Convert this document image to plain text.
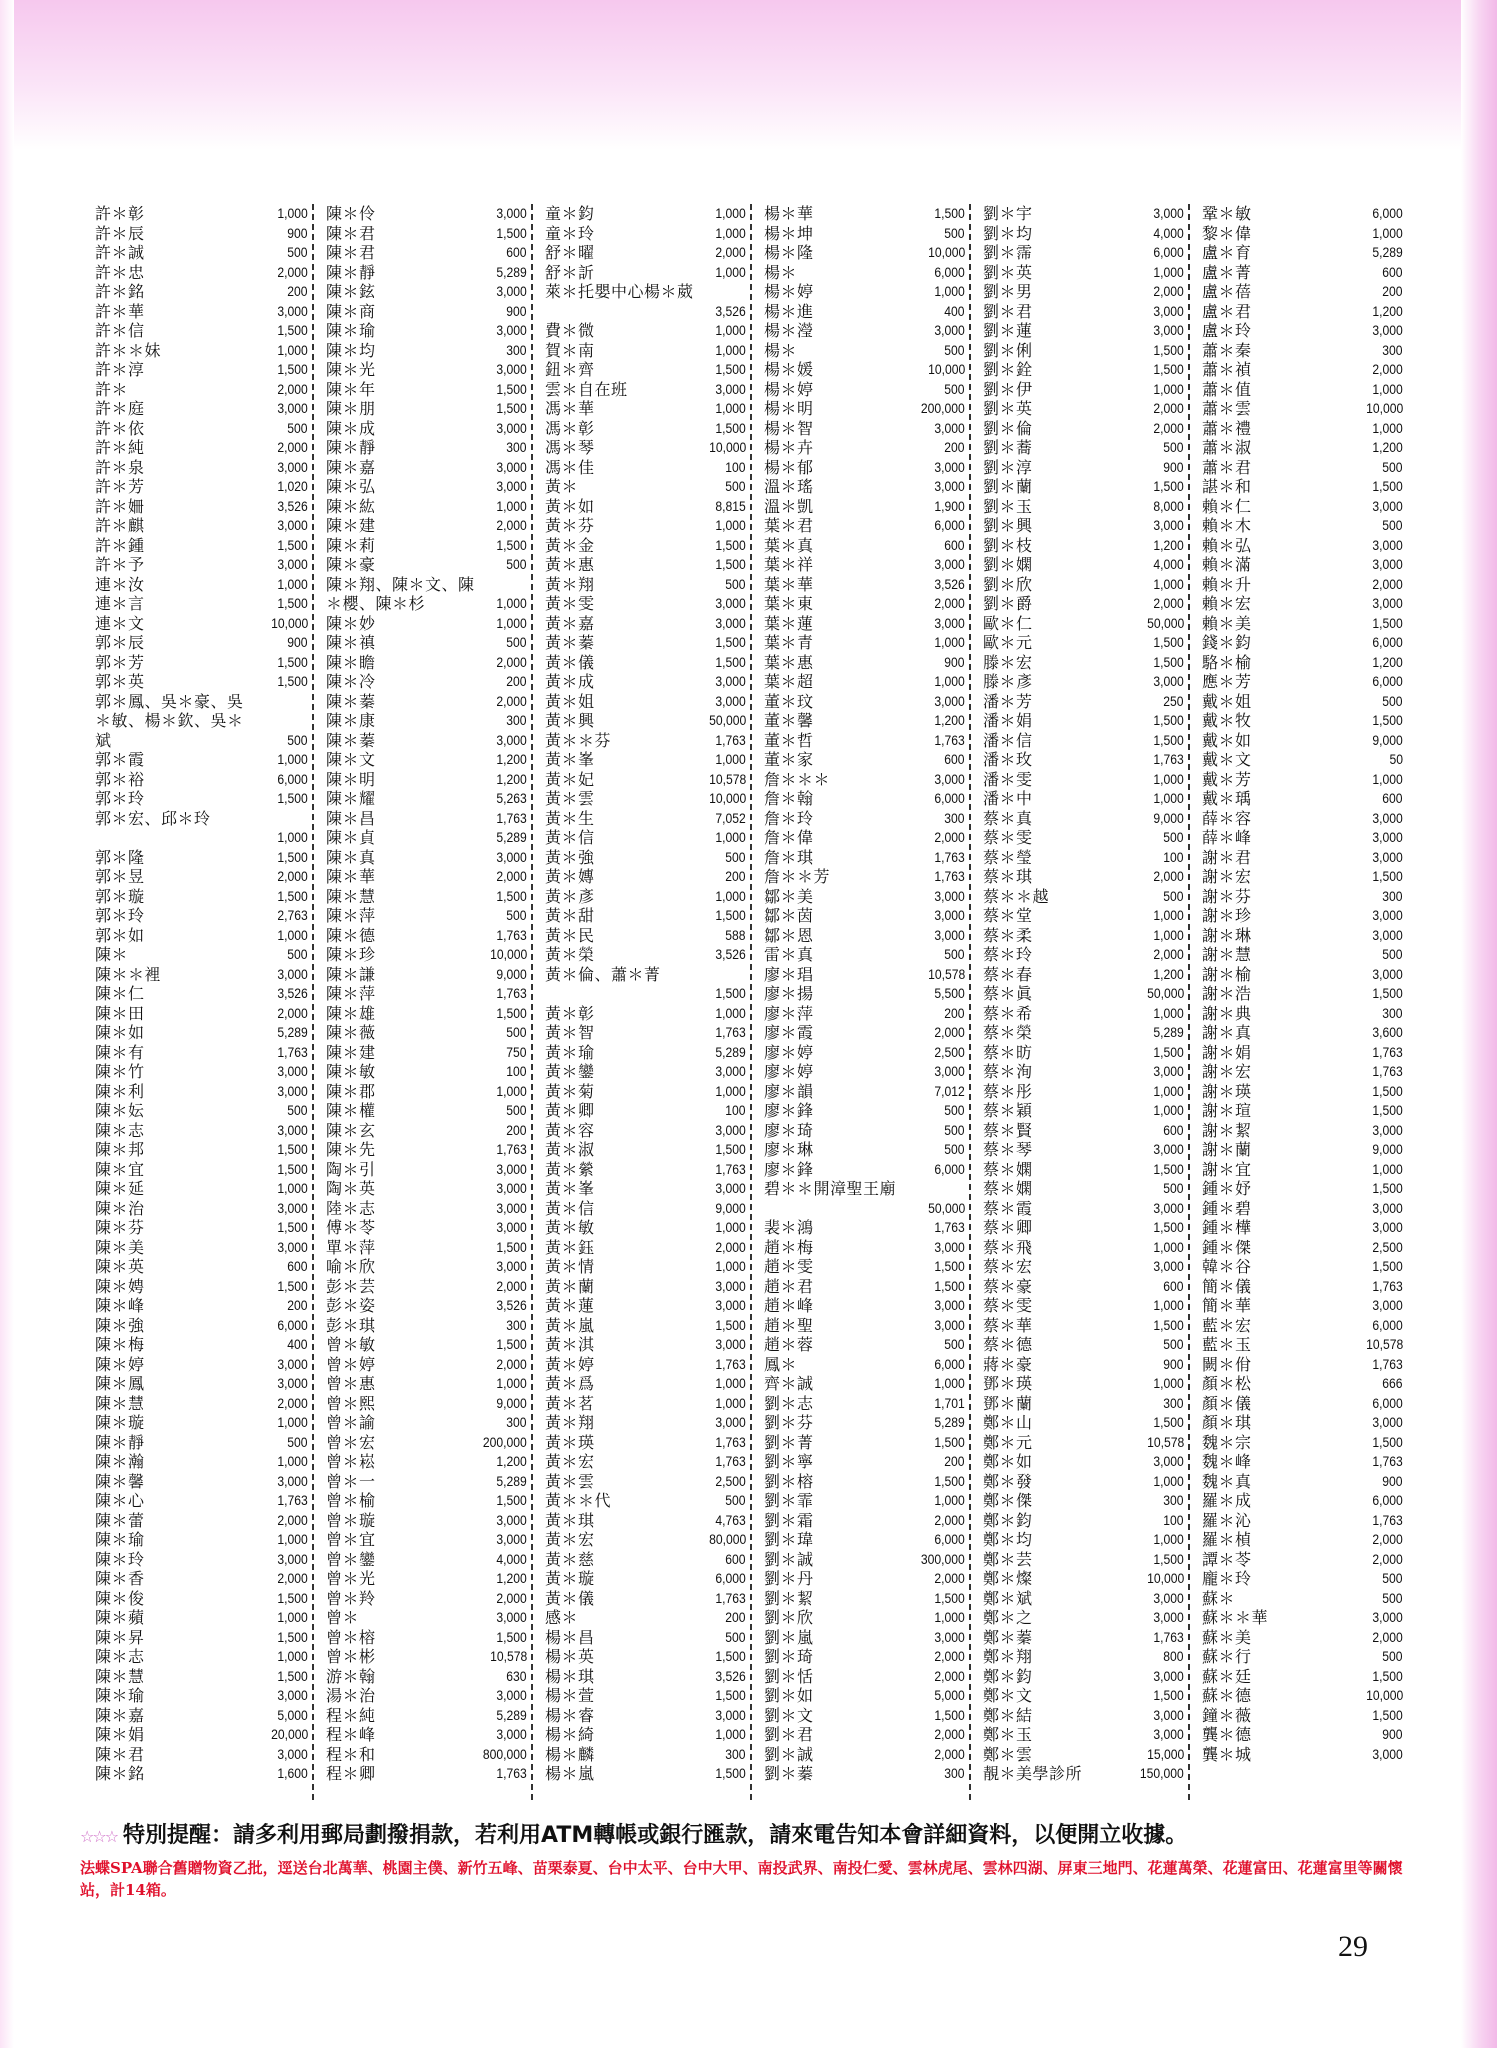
許＊彰	1,000
許＊辰	900
許＊誠	500
許＊忠	2,000
許＊銘	200
許＊華	3,000
許＊信	1,500
許＊＊妹	1,000
許＊淳	1,500
許＊	2,000
許＊庭	3,000
許＊依	500
許＊純	2,000
許＊泉	3,000
許＊芳	1,020
許＊姍	3,526
許＊麒	3,000
許＊鍾	1,500
許＊予	3,000
連＊汝	1,000
連＊言	1,500
連＊文	10,000
郭＊辰	900
郭＊芳	1,500
郭＊英	1,500
郭＊鳳、吳＊豪、吳
＊敏、楊＊欽、吳＊
斌	500
郭＊霞	1,000
郭＊裕	6,000
郭＊玲	1,500
郭＊宏、邱＊玲
1,000
郭＊隆	1,500
郭＊昱	2,000
郭＊璇	1,500
郭＊玲	2,763
郭＊如	1,000
陳＊	500
陳＊＊裡	3,000
陳＊仁	3,526
陳＊田	2,000
陳＊如	5,289
陳＊有	1,763
陳＊竹	3,000
陳＊利	3,000
陳＊妘	500
陳＊志	3,000
陳＊邦	1,500
陳＊宜	1,500
陳＊延	1,000
陳＊治	3,000
陳＊芬	1,500
陳＊美	3,000
陳＊英	600
陳＊娉	1,500
陳＊峰	200
陳＊強	6,000
陳＊梅	400
陳＊婷	3,000
陳＊鳳	3,000
陳＊慧	2,000
陳＊璇	1,000
陳＊靜	500
陳＊瀚	1,000
陳＊馨	3,000
陳＊心	1,763
陳＊蕾	2,000
陳＊瑜	1,000
陳＊玲	3,000
陳＊香	2,000
陳＊俊	1,500
陳＊蘋	1,000
陳＊昇	1,500
陳＊志	1,000
陳＊慧	1,500
陳＊瑜	3,000
陳＊嘉	5,000
陳＊娟	20,000
陳＊君	3,000
陳＊銘	1,600
陳＊伶	3,000
陳＊君	1,500
陳＊君	600
陳＊靜	5,289
陳＊鉉	3,000
陳＊商	900
陳＊瑜	3,000
陳＊均	300
陳＊光	3,000
陳＊年	1,500
陳＊朋	1,500
陳＊成	3,000
陳＊靜	300
陳＊嘉	3,000
陳＊弘	3,000
陳＊紘	1,000
陳＊建	2,000
陳＊莉	1,500
陳＊豪	500
陳＊翔、陳＊文、陳
＊櫻、陳＊杉	1,000
陳＊妙	1,000
陳＊禛	500
陳＊瞻	2,000
陳＊冷	200
陳＊蓁	2,000
陳＊康	300
陳＊蓁	3,000
陳＊文	1,200
陳＊明	1,200
陳＊耀	5,263
陳＊昌	1,763
陳＊貞	5,289
陳＊真	3,000
陳＊華	2,000
陳＊慧	1,500
陳＊萍	500
陳＊德	1,763
陳＊珍	10,000
陳＊謙	9,000
陳＊萍	1,763
陳＊雄	1,500
陳＊薇	500
陳＊建	750
陳＊敏	100
陳＊郡	1,000
陳＊權	500
陳＊玄	200
陳＊先	1,763
陶＊引	3,000
陶＊英	3,000
陸＊志	3,000
傅＊苓	3,000
單＊萍	1,500
喻＊欣	3,000
彭＊芸	2,000
彭＊姿	3,526
彭＊琪	300
曾＊敏	1,500
曾＊婷	2,000
曾＊惠	1,000
曾＊熙	9,000
曾＊諭	300
曾＊宏	200,000
曾＊崧	1,200
曾＊一	5,289
曾＊榆	1,500
曾＊璇	3,000
曾＊宜	3,000
曾＊鑾	4,000
曾＊光	1,200
曾＊羚	2,000
曾＊	3,000
曾＊榕	1,500
曾＊彬	10,578
游＊翰	630
湯＊治	3,000
程＊純	5,289
程＊峰	3,000
程＊和	800,000
程＊卿	1,763
童＊鈞	1,000
童＊玲	1,000
舒＊曜	2,000
舒＊訢	1,000
萊＊托嬰中心楊＊葳
3,526
費＊微	1,000
賀＊南	1,000
鈕＊齊	1,500
雲＊自在班	3,000
馮＊華	1,000
馮＊彰	1,500
馮＊琴	10,000
馮＊佳	100
黃＊	500
黃＊如	8,815
黃＊芬	1,000
黃＊金	1,500
黃＊惠	1,500
黃＊翔	500
黃＊雯	3,000
黃＊嘉	3,000
黃＊蓁	1,500
黃＊儀	1,500
黃＊成	3,000
黃＊姐	3,000
黃＊興	50,000
黃＊＊芬	1,763
黃＊峯	1,000
黃＊妃	10,578
黃＊雲	10,000
黃＊生	7,052
黃＊信	1,000
黃＊強	500
黃＊嫥	200
黃＊彥	1,000
黃＊甜	1,500
黃＊民	588
黃＊榮	3,526
黃＊倫、蕭＊菁
1,500
黃＊彰	1,000
黃＊智	1,763
黃＊瑜	5,289
黃＊鑾	3,000
黃＊菊	1,000
黃＊卿	100
黃＊容	3,000
黃＊淑	1,500
黃＊縈	1,763
黃＊峯	3,000
黃＊信	9,000
黃＊敏	1,000
黃＊鈺	2,000
黃＊情	1,000
黃＊蘭	3,000
黃＊蓮	3,000
黃＊嵐	1,500
黃＊淇	3,000
黃＊婷	1,763
黃＊爲	1,000
黃＊茗	1,000
黃＊翔	3,000
黃＊瑛	1,763
黃＊宏	1,763
黃＊雲	2,500
黃＊＊代	500
黃＊琪	4,763
黃＊宏	80,000
黃＊慈	600
黃＊璇	6,000
黃＊儀	1,763
感＊	200
楊＊昌	500
楊＊英	1,500
楊＊琪	3,526
楊＊萱	1,500
楊＊睿	3,000
楊＊綺	1,000
楊＊麟	300
楊＊嵐	1,500
楊＊華	1,500
楊＊坤	500
楊＊隆	10,000
楊＊	6,000
楊＊婷	1,000
楊＊進	400
楊＊瀅	3,000
楊＊	500
楊＊媛	10,000
楊＊婷	500
楊＊明	200,000
楊＊智	3,000
楊＊卉	200
楊＊郁	3,000
溫＊瑤	3,000
溫＊凱	1,900
葉＊君	6,000
葉＊真	600
葉＊祥	3,000
葉＊華	3,526
葉＊東	2,000
葉＊蓮	3,000
葉＊青	1,000
葉＊惠	900
葉＊超	1,000
董＊玟	3,000
董＊馨	1,200
董＊哲	1,763
董＊家	600
詹＊＊＊	3,000
詹＊翰	6,000
詹＊玲	300
詹＊偉	2,000
詹＊琪	1,763
詹＊＊芳	1,763
鄒＊美	3,000
鄒＊茵	3,000
鄒＊恩	3,000
雷＊真	500
廖＊琩	10,578
廖＊揚	5,500
廖＊萍	200
廖＊霞	2,000
廖＊婷	2,500
廖＊婷	3,000
廖＊韻	7,012
廖＊鋒	500
廖＊琦	500
廖＊琳	500
廖＊鋒	6,000
碧＊＊開漳聖王廟
50,000
裴＊鴻	1,763
趙＊梅	3,000
趙＊雯	1,500
趙＊君	1,500
趙＊峰	3,000
趙＊聖	3,000
趙＊蓉	500
鳳＊	6,000
齊＊誠	1,000
劉＊志	1,701
劉＊芬	5,289
劉＊菁	1,500
劉＊寧	200
劉＊榕	1,500
劉＊霏	1,000
劉＊霜	2,000
劉＊瑋	6,000
劉＊誠	300,000
劉＊丹	2,000
劉＊絜	1,500
劉＊欣	1,000
劉＊嵐	3,000
劉＊琦	2,000
劉＊恬	2,000
劉＊如	5,000
劉＊文	1,500
劉＊君	2,000
劉＊誠	2,000
劉＊蓁	300
劉＊宇	3,000
劉＊均	4,000
劉＊霈	6,000
劉＊英	1,000
劉＊男	2,000
劉＊君	3,000
劉＊蓮	3,000
劉＊俐	1,500
劉＊銓	1,500
劉＊伊	1,000
劉＊英	2,000
劉＊倫	2,000
劉＊蕎	500
劉＊淳	900
劉＊蘭	1,500
劉＊玉	8,000
劉＊興	3,000
劉＊枝	1,200
劉＊嫻	4,000
劉＊欣	1,000
劉＊爵	2,000
歐＊仁	50,000
歐＊元	1,500
滕＊宏	1,500
滕＊彥	3,000
潘＊芳	250
潘＊娟	1,500
潘＊信	1,500
潘＊玫	1,763
潘＊雯	1,000
潘＊中	1,000
蔡＊真	9,000
蔡＊雯	500
蔡＊瑩	100
蔡＊琪	2,000
蔡＊＊越	500
蔡＊堂	1,000
蔡＊柔	1,000
蔡＊玲	2,000
蔡＊春	1,200
蔡＊眞	50,000
蔡＊希	1,000
蔡＊榮	5,289
蔡＊昉	1,500
蔡＊洵	3,000
蔡＊彤	1,000
蔡＊穎	1,000
蔡＊賢	600
蔡＊琴	3,000
蔡＊嫻	1,500
蔡＊嫻	500
蔡＊霞	3,000
蔡＊卿	1,500
蔡＊飛	1,000
蔡＊宏	3,000
蔡＊豪	600
蔡＊雯	1,000
蔡＊華	1,500
蔡＊德	500
蔣＊豪	900
鄧＊瑛	1,000
鄧＊蘭	300
鄭＊山	1,500
鄭＊元	10,578
鄭＊如	3,000
鄭＊發	1,000
鄭＊傑	300
鄭＊鈞	100
鄭＊均	1,000
鄭＊芸	1,500
鄭＊燦	10,000
鄭＊斌	3,000
鄭＊之	3,000
鄭＊蓁	1,763
鄭＊翔	800
鄭＊鈞	3,000
鄭＊文	1,500
鄭＊結	3,000
鄭＊玉	3,000
鄭＊雲	15,000
靚＊美學診所	150,000
鞏＊敏	6,000
黎＊偉	1,000
盧＊育	5,289
盧＊菁	600
盧＊蓓	200
盧＊君	1,200
盧＊玲	3,000
蕭＊秦	300
蕭＊禎	2,000
蕭＊值	1,000
蕭＊雲	10,000
蕭＊禮	1,000
蕭＊淑	1,200
蕭＊君	500
諶＊和	1,500
賴＊仁	3,000
賴＊木	500
賴＊弘	3,000
賴＊滿	3,000
賴＊升	2,000
賴＊宏	3,000
賴＊美	1,500
錢＊鈞	6,000
駱＊榆	1,200
應＊芳	6,000
戴＊姐	500
戴＊牧	1,500
戴＊如	9,000
戴＊文	50
戴＊芳	1,000
戴＊瑀	600
薛＊容	3,000
薛＊峰	3,000
謝＊君	3,000
謝＊宏	1,500
謝＊芬	300
謝＊珍	3,000
謝＊琳	3,000
謝＊慧	500
謝＊榆	3,000
謝＊浩	1,500
謝＊典	300
謝＊真	3,600
謝＊娟	1,763
謝＊宏	1,763
謝＊瑛	1,500
謝＊瑄	1,500
謝＊絜	3,000
謝＊蘭	9,000
謝＊宜	1,000
鍾＊妤	1,500
鍾＊碧	3,000
鍾＊樺	3,000
鍾＊傑	2,500
韓＊谷	1,500
簡＊儀	1,763
簡＊華	3,000
藍＊宏	6,000
藍＊玉	10,578
闕＊佾	1,763
顏＊松	666
顏＊儀	6,000
顏＊琪	3,000
魏＊宗	1,500
魏＊峰	1,763
魏＊真	900
羅＊成	6,000
羅＊沁	1,763
羅＊楨	2,000
譚＊苓	2,000
龐＊玲	500
蘇＊	500
蘇＊＊華	3,000
蘇＊美	2,000
蘇＊行	500
蘇＊廷	1,500
蘇＊德	10,000
鐘＊薇	1,500
龔＊德	900
龔＊城	3,000
☆☆☆ 特別提醒：請多利用郵局劃撥捐款，若利用ATM轉帳或銀行匯款，請來電告知本會詳細資料，以便開立收據。
法蝶SPA聯合舊贈物資乙批，逕送台北萬華、桃園主僕、新竹五峰、苗栗泰夏、台中太平、台中大甲、南投武界、南投仁愛、雲林虎尾、雲林四湖、屏東三地門、花蓮萬榮、花蓮富田、花蓮富里等關懷站，計14箱。
29
